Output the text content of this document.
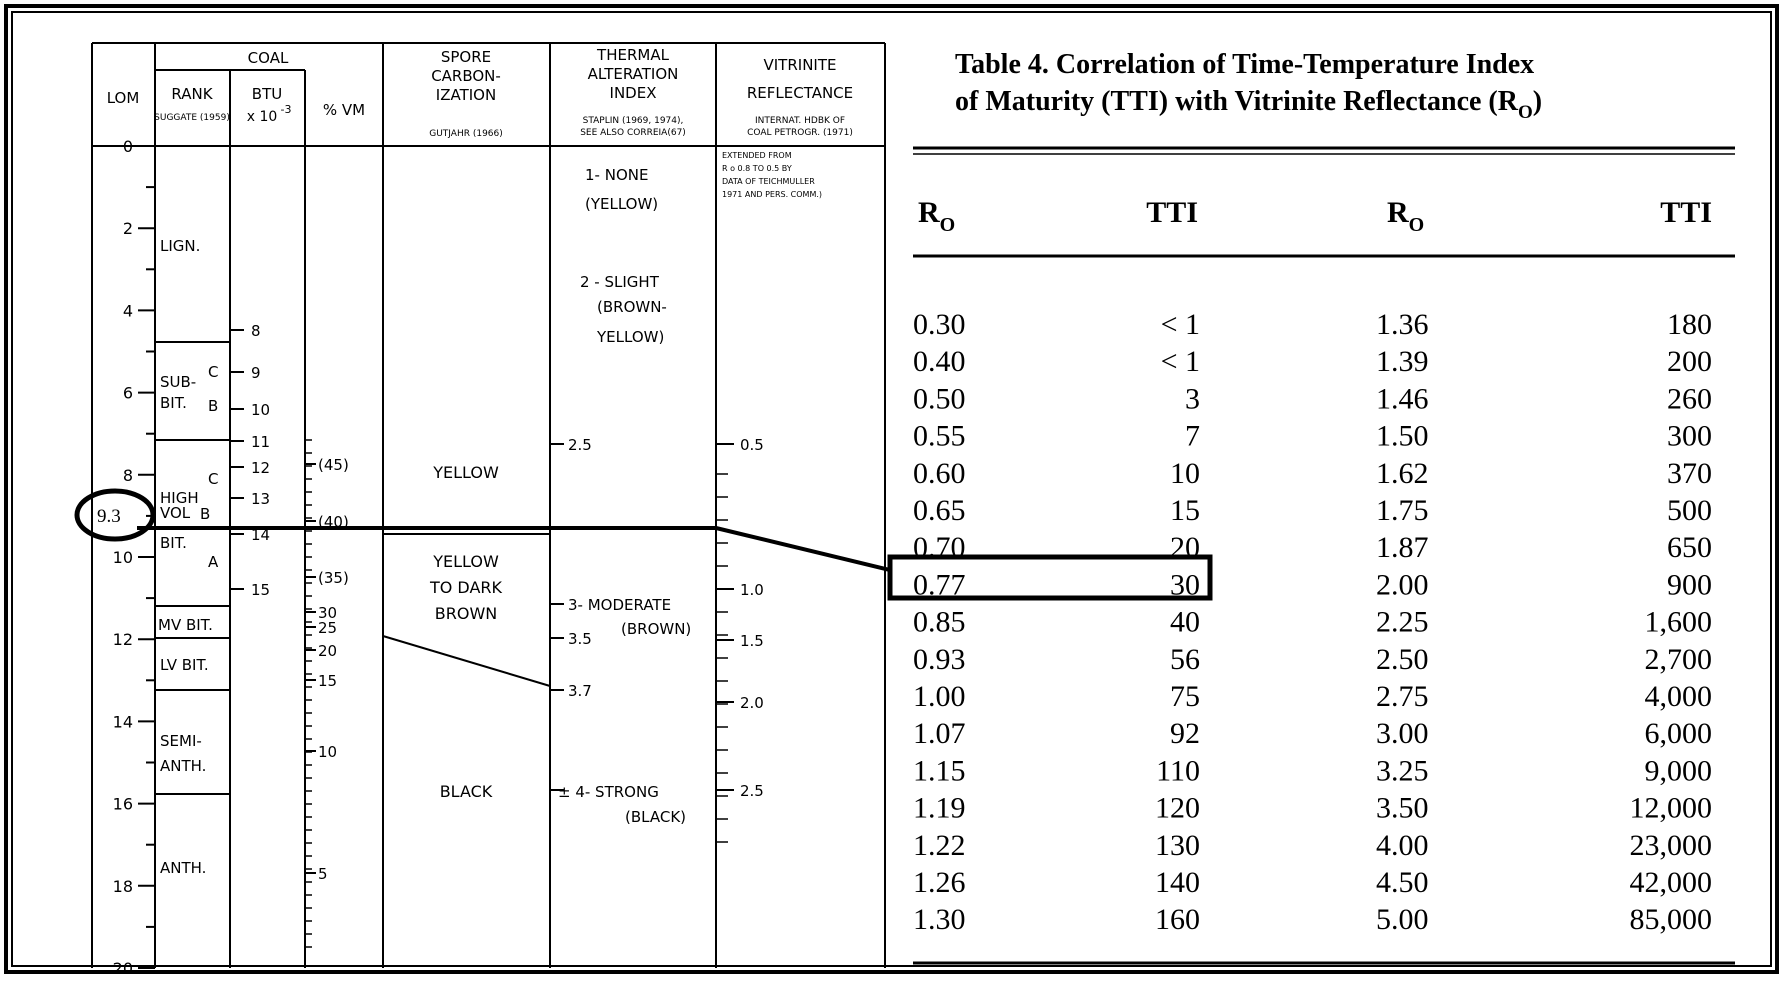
9.3
LOM
COAL
RANK
SUGGATE (1959)
BTU
x 10 -3 % VM
SPORE
CARBON-
IZATION
GUTJAHR (1966)
THERMAL
ALTERATION
INDEX
STAPLIN (1969, 1974),
SEE ALSO CORREIA(67)
VITRINITE
REFLECTANCE
INTERNAT. HDBK OF
COAL PETROGR. (1971)
0
2
4
6
8
10
12
14
16
18
20
LIGN.
SUB-
BIT.
C
B
HIGH
VOL B
BIT.
C
A
MV BIT.
LV BIT.
SEMI-
ANTH.
ANTH.
8
9
10
11
12
13
14
15
(45)
(40)
(35)
30
25
20
15
10
5
YELLOW
YELLOW
TO DARK
BROWN
BLACK
1- NONE
(YELLOW)
2 - SLIGHT
(BROWN-
YELLOW)
2.5
3- MODERATE
3.5
(BROWN)
3.7
± 4- STRONG
(BLACK)
0.5
1.0
1.5
2.0
2.5
EXTENDED FROM
R o 0.8 TO 0.5 BY
DATA OF TEICHMULLER
1971 AND PERS. COMM.)
Table 4. Correlation of Time-Temperature Index
of Maturity (TTI) with Vitrinite Reflectance $(R_O)$
$R_O$	TTI	$R_O$	TTI
0.30	< 1	1.36	180
0.40	< 1	1.39	200
0.50	3	1.46	260
0.55	7	1.50	300
0.60	10	1.62	370
0.65	15	1.75	500
0.70	20	1.87	650
0.77	30	2.00	900
0.85	40	2.25	1,600
0.93	56	2.50	2,700
1.00	75	2.75	4,000
1.07	92	3.00	6,000
1.15	110	3.25	9,000
1.19	120	3.50	12,000
1.22	130	4.00	23,000
1.26	140	4.50	42,000
1.30	160	5.00	85,000
